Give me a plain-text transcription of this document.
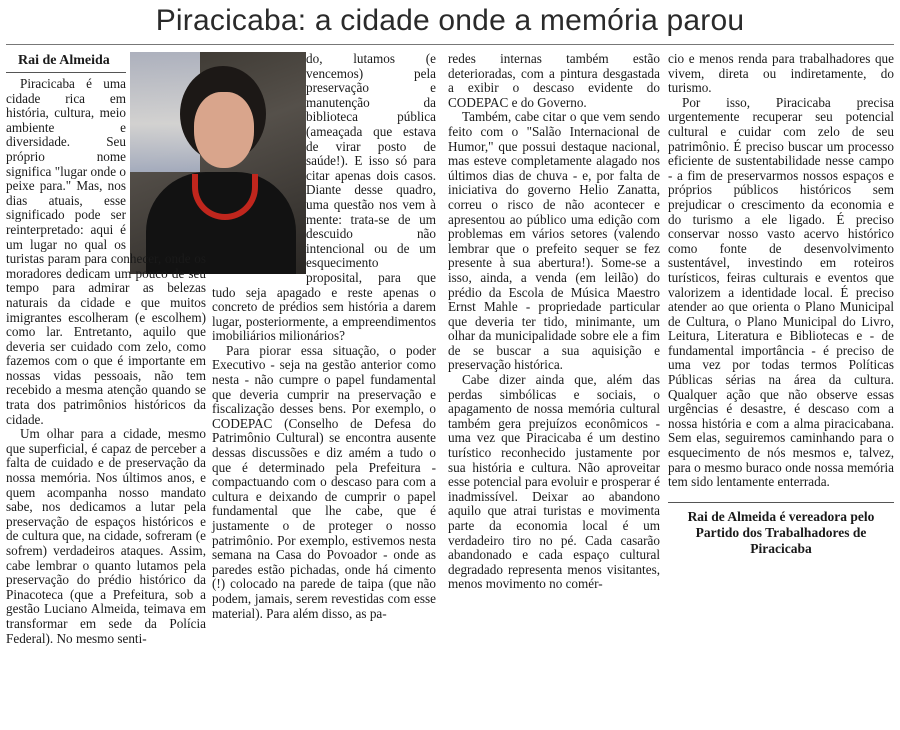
Piracicaba: a cidade onde a memória parou
Rai de Almeida

Piracicaba é uma cidade rica em história, cultura, meio ambiente e diversidade. Seu próprio nome significa "lugar onde o peixe para." Mas, nos dias atuais, esse significado pode ser reinterpretado: aqui é um lugar no qual os turistas param para conhecer, onde os moradores dedicam um pouco de seu tempo para admirar as belezas naturais da cidade e que muitos imigrantes escolheram (e escolhem) como lar. Entretanto, aquilo que deveria ser cuidado com zelo, como fazemos com o que é importante em nossas vidas pessoais, não tem recebido a mesma atenção quando se trata dos patrimônios históricos da cidade.

Um olhar para a cidade, mesmo que superficial, é capaz de perceber a falta de cuidado e de preservação da nossa memória. Nos últimos anos, e quem acompanha nosso mandato sabe, nos dedicamos a lutar pela preservação de espaços históricos e de cultura que, na cidade, sofreram (e sofrem) verdadeiros ataques. Assim, cabe lembrar o quanto lutamos pela preservação do prédio histórico da Pinacoteca (que a Prefeitura, sob a gestão Luciano Almeida, teimava em transformar em sede da Polícia Federal). No mesmo senti-

do, lutamos (e vencemos) pela preservação e manutenção da biblioteca pública (ameaçada que estava de virar posto de saúde!). E isso só para citar apenas dois casos. Diante desse quadro, uma questão nos vem à mente: trata-se de um descuido não intencional ou de um esquecimento proposital, para que tudo seja apagado e reste apenas o concreto de prédios sem história a darem lugar, posteriormente, a empreendimentos imobiliários milionários?

Para piorar essa situação, o poder Executivo - seja na gestão anterior como nesta - não cumpre o papel fundamental que deveria cumprir na preservação e fiscalização desses bens. Por exemplo, o CODEPAC (Conselho de Defesa do Patrimônio Cultural) se encontra ausente dessas discussões e diz amém a tudo o que é determinado pela Prefeitura - compactuando com o descaso para com a cultura e deixando de cumprir o papel fundamental que lhe cabe, que é justamente o de proteger o nosso patrimônio. Por exemplo, estivemos nesta semana na Casa do Povoador - onde as paredes estão pichadas, onde há cimento (!) colocado na parede de taipa (que não podem, jamais, serem revestidas com esse material). Para além disso, as pa-

redes internas também estão deterioradas, com a pintura desgastada a exibir o descaso evidente do CODEPAC e do Governo.

Também, cabe citar o que vem sendo feito com o "Salão Internacional de Humor," que possui destaque nacional, mas esteve completamente alagado nos últimos dias de chuva - e, por falta de iniciativa do governo Helio Zanatta, correu o risco de não acontecer e apresentou ao público uma edição com problemas em vários setores (valendo lembrar que o prefeito sequer se fez presente à sua abertura!). Some-se a isso, ainda, a venda (em leilão) do prédio da Escola de Música Maestro Ernst Mahle - propriedade particular que deveria ter tido, minimante, um olhar da municipalidade sobre ele a fim de se buscar a sua aquisição e preservação histórica.

Cabe dizer ainda que, além das perdas simbólicas e sociais, o apagamento de nossa memória cultural também gera prejuízos econômicos - uma vez que Piracicaba é um destino turístico reconhecido justamente por sua história e cultura. Não aproveitar esse potencial para evoluir e prosperar é inadmissível. Deixar ao abandono aquilo que atrai turistas e movimenta parte da economia local é um verdadeiro tiro no pé. Cada casarão abandonado e cada espaço cultural degradado representa menos visitantes, menos movimento no comér-

cio e menos renda para trabalhadores que vivem, direta ou indiretamente, do turismo.

Por isso, Piracicaba precisa urgentemente recuperar seu potencial cultural e cuidar com zelo de seu patrimônio. É preciso buscar um processo eficiente de sustentabilidade nesse campo - a fim de preservarmos nossos espaços e próprios públicos históricos sem prejudicar o crescimento da economia e do turismo a ele ligado. É preciso conservar nosso vasto acervo histórico como fonte de desenvolvimento sustentável, investindo em roteiros turísticos, feiras culturais e eventos que valorizem a identidade local. É preciso atender ao que orienta o Plano Municipal de Cultura, o Plano Municipal do Livro, Leitura, Literatura e Bibliotecas e - de fundamental importância - é preciso de uma vez por todas termos Políticas Públicas sérias na área da cultura. Qualquer ação que não observe essas urgências é desastre, é descaso com a nossa história e com a alma piracicabana. Sem elas, seguiremos caminhando para o esquecimento de nós mesmos e, talvez, para o mesmo buraco onde nossa memória tem sido lentamente enterrada.

Rai de Almeida é vereadora pelo Partido dos Trabalhadores de Piracicaba
